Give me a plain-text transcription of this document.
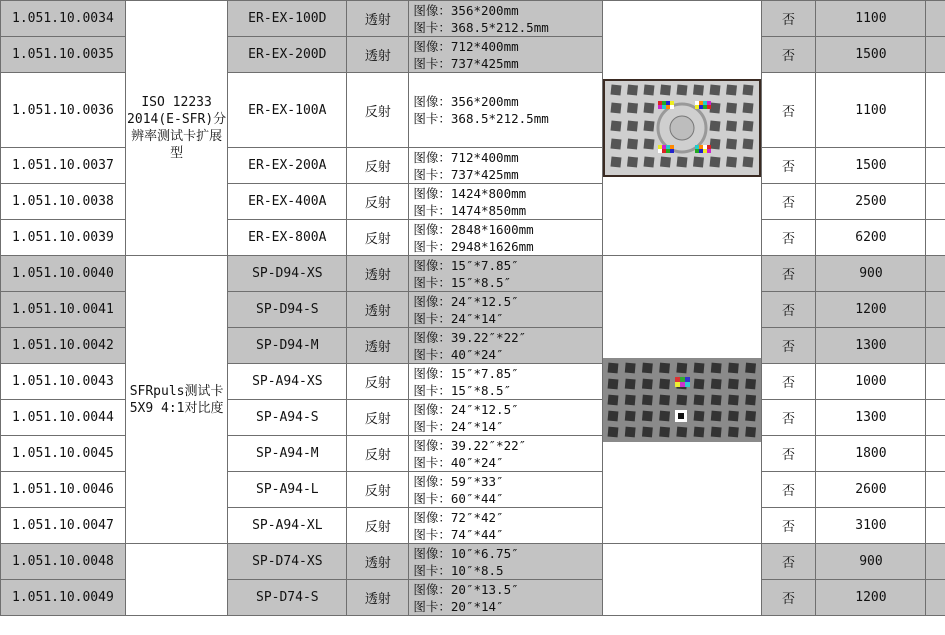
1.051.10.0034	ISO 12233 2014(E-SFR)分辨率测试卡扩展型	ER-EX-100D	透射	图像：356*200mm
图卡：368.5*212.5mm		否	1100	
1.051.10.0035		ER-EX-200D	透射	图像：712*400mm
图卡：737*425mm		否	1500	
1.051.10.0036		ER-EX-100A	反射	图像：356*200mm
图卡：368.5*212.5mm		否	1100	
1.051.10.0037		ER-EX-200A	反射	图像：712*400mm
图卡：737*425mm		否	1500	
1.051.10.0038		ER-EX-400A	反射	图像：1424*800mm
图卡：1474*850mm		否	2500	
1.051.10.0039		ER-EX-800A	反射	图像：2848*1600mm
图卡：2948*1626mm		否	6200	
1.051.10.0040	SFRpuls测试卡 5X9 4:1对比度	SP-D94-XS	透射	图像：15″*7.85″
图卡：15″*8.5″		否	900	
1.051.10.0041		SP-D94-S	透射	图像：24″*12.5″
图卡：24″*14″		否	1200	
1.051.10.0042		SP-D94-M	透射	图像：39.22″*22″
图卡：40″*24″		否	1300	
1.051.10.0043		SP-A94-XS	反射	图像：15″*7.85″
图卡：15″*8.5″		否	1000	
1.051.10.0044		SP-A94-S	反射	图像：24″*12.5″
图卡：24″*14″		否	1300	
1.051.10.0045		SP-A94-M	反射	图像：39.22″*22″
图卡：40″*24″		否	1800	
1.051.10.0046		SP-A94-L	反射	图像：59″*33″
图卡：60″*44″		否	2600	
1.051.10.0047		SP-A94-XL	反射	图像：72″*42″
图卡：74″*44″		否	3100	
1.051.10.0048		SP-D74-XS	透射	图像：10″*6.75″
图卡：10″*8.5		否	900	
1.051.10.0049		SP-D74-S	透射	图像：20″*13.5″
图卡：20″*14″		否	1200	
